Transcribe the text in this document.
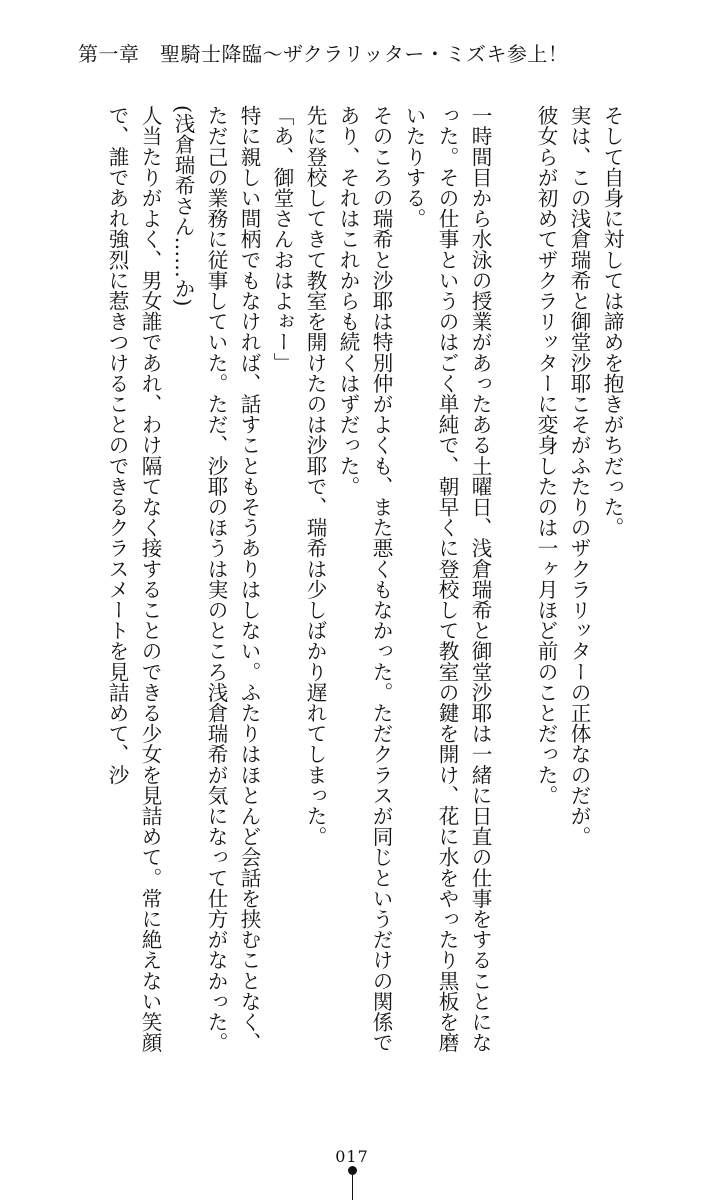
第一章　聖騎士降臨～ザクラリッター・ミズキ参上！

そして自身に対しては諦めを抱きがちだった。

実は、この浅倉瑞希と御堂沙耶こそがふたりのザクラリッターの正体なのだが。

彼女らが初めてザクラリッターに変身したのは一ヶ月ほど前のことだった。

一時間目から水泳の授業があったある土曜日、浅倉瑞希と御堂沙耶は一緒に日直の仕事をすることになった。その仕事というのはごく単純で、朝早くに登校して教室の鍵を開け、花に水をやったり黒板を磨いたりする。

そのころの瑞希と沙耶は特別仲がよくも、また悪くもなかった。ただクラスが同じというだけの関係であり、それはこれからも続くはずだった。

先に登校してきて教室を開けたのは沙耶で、瑞希は少しばかり遅れてしまった。

「あ、御堂さんおはよぉー」

特に親しい間柄でもなければ、話すこともそうありはしない。ふたりはほとんど会話を挟むことなく、ただ己の業務に従事していた。ただ、沙耶のほうは実のところ浅倉瑞希が気になって仕方がなかった。

(浅倉瑞希さん……か)

人当たりがよく、男女誰であれ、わけ隔てなく接することのできる少女を見詰めて。常に絶えない笑顔で、誰であれ強烈に惹きつけることのできるクラスメートを見詰めて、沙

017
